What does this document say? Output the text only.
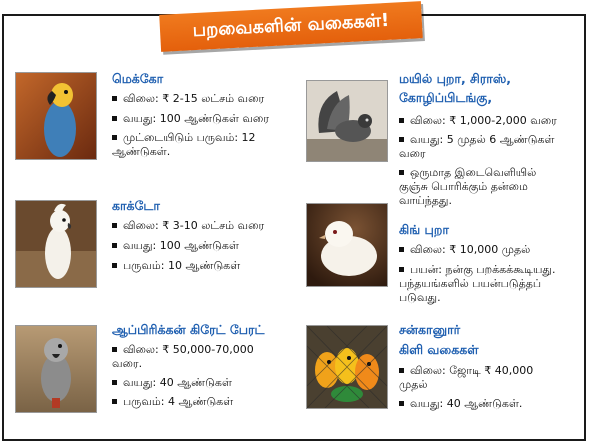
பறவைகளின் வகைகள்!
மெக்கோ
விலை: ₹ 2-15 லட்சம் வரை
வயது: 100 ஆண்டுகள் வரை
முட்டையிடும் பருவம்: 12
ஆண்டுகள்.
காக்டோ
விலை: ₹ 3-10 லட்சம் வரை
வயது: 100 ஆண்டுகள்
பருவம்: 10 ஆண்டுகள்
ஆப்பிரிக்கன் கிரேட் பேரட்
விலை: ₹ 50,000-70,000
வரை.
வயது: 40 ஆண்டுகள்
பருவம்: 4 ஆண்டுகள்
மயில் புறா, சிராஸ்,
கோழிப்பிடங்கு,
விலை: ₹ 1,000-2,000 வரை
வயது: 5 முதல் 6 ஆண்டுகள்
வரை
ஒருமாத இடைவெளியில்
குஞ்சு பொரிக்கும் தன்மை
வாய்ந்தது.
கிங் புறா
விலை: ₹ 10,000 முதல்
பயன்: நன்கு பறக்கக்கூடியது.
பந்தயங்களில் பயன்படுத்தப்
படுவது.
சன்கானுார்
கிளி வகைகள்
விலை: ஜோடி ₹ 40,000
முதல்
வயது: 40 ஆண்டுகள்.
